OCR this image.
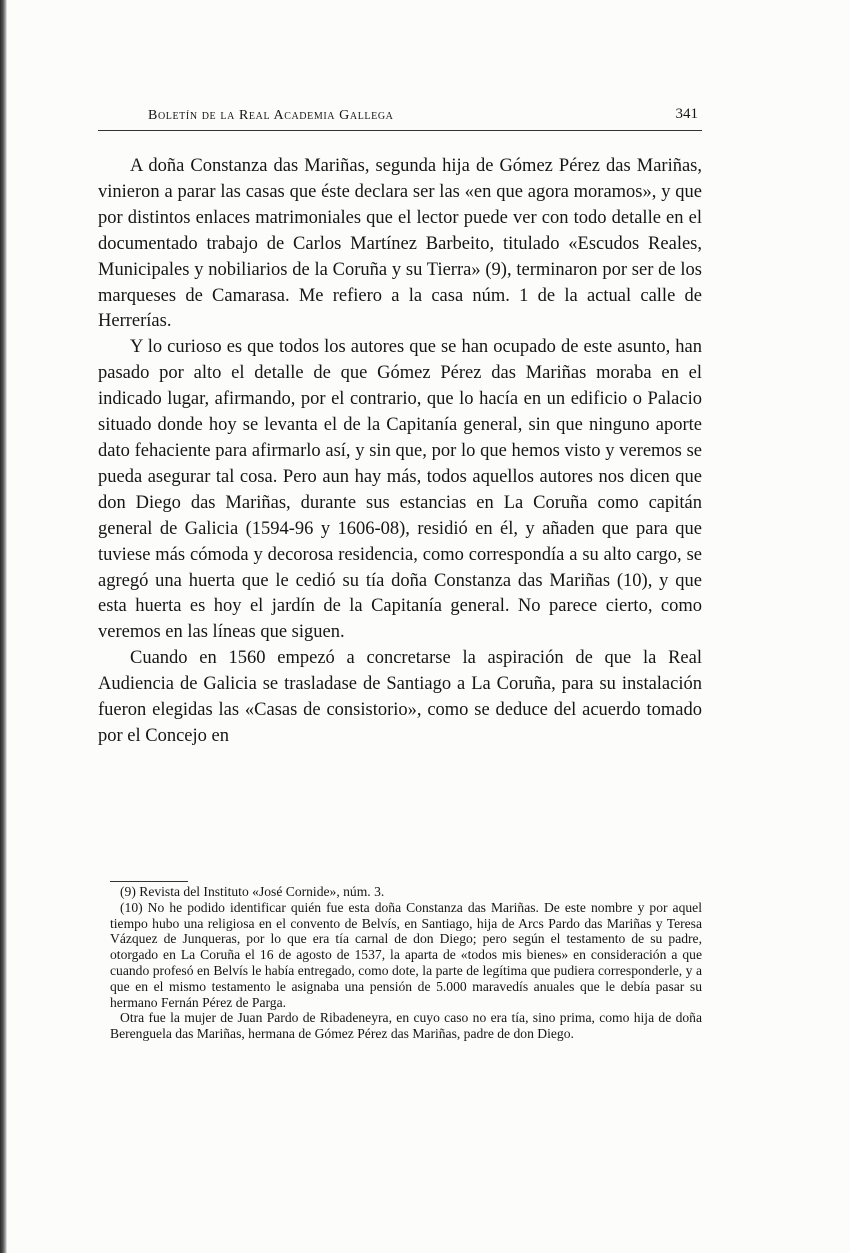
Boletín de la Real Academia Gallega	341

A doña Constanza das Mariñas, segunda hija de Gómez Pérez das Mariñas, vinieron a parar las casas que éste declara ser las «en que agora moramos», y que por distintos enlaces matrimoniales que el lector puede ver con todo detalle en el documentado trabajo de Carlos Martínez Barbeito, titulado «Escudos Reales, Municipales y nobiliarios de la Coruña y su Tierra» (9), terminaron por ser de los marqueses de Camarasa. Me refiero a la casa núm. 1 de la actual calle de Herrerías.

Y lo curioso es que todos los autores que se han ocupado de este asunto, han pasado por alto el detalle de que Gómez Pérez das Mariñas moraba en el indicado lugar, afirmando, por el contrario, que lo hacía en un edificio o Palacio situado donde hoy se levanta el de la Capitanía general, sin que ninguno aporte dato fehaciente para afirmarlo así, y sin que, por lo que hemos visto y veremos se pueda asegurar tal cosa. Pero aun hay más, todos aquellos autores nos dicen que don Diego das Mariñas, durante sus estancias en La Coruña como capitán general de Galicia (1594-96 y 1606-08), residió en él, y añaden que para que tuviese más cómoda y decorosa residencia, como correspondía a su alto cargo, se agregó una huerta que le cedió su tía doña Constanza das Mariñas (10), y que esta huerta es hoy el jardín de la Capitanía general. No parece cierto, como veremos en las líneas que siguen.

Cuando en 1560 empezó a concretarse la aspiración de que la Real Audiencia de Galicia se trasladase de Santiago a La Coruña, para su instalación fueron elegidas las «Casas de consistorio», como se deduce del acuerdo tomado por el Concejo en

(9) Revista del Instituto «José Cornide», núm. 3.

(10) No he podido identificar quién fue esta doña Constanza das Mariñas. De este nombre y por aquel tiempo hubo una religiosa en el convento de Belvís, en Santiago, hija de Arcs Pardo das Mariñas y Teresa Vázquez de Junqueras, por lo que era tía carnal de don Diego; pero según el testamento de su padre, otorgado en La Coruña el 16 de agosto de 1537, la aparta de «todos mis bienes» en consideración a que cuando profesó en Belvís le había entregado, como dote, la parte de legítima que pudiera corresponderle, y a que en el mismo testamento le asignaba una pensión de 5.000 maravedís anuales que le debía pasar su hermano Fernán Pérez de Parga.

Otra fue la mujer de Juan Pardo de Ribadeneyra, en cuyo caso no era tía, sino prima, como hija de doña Berenguela das Mariñas, hermana de Gómez Pérez das Mariñas, padre de don Diego.
